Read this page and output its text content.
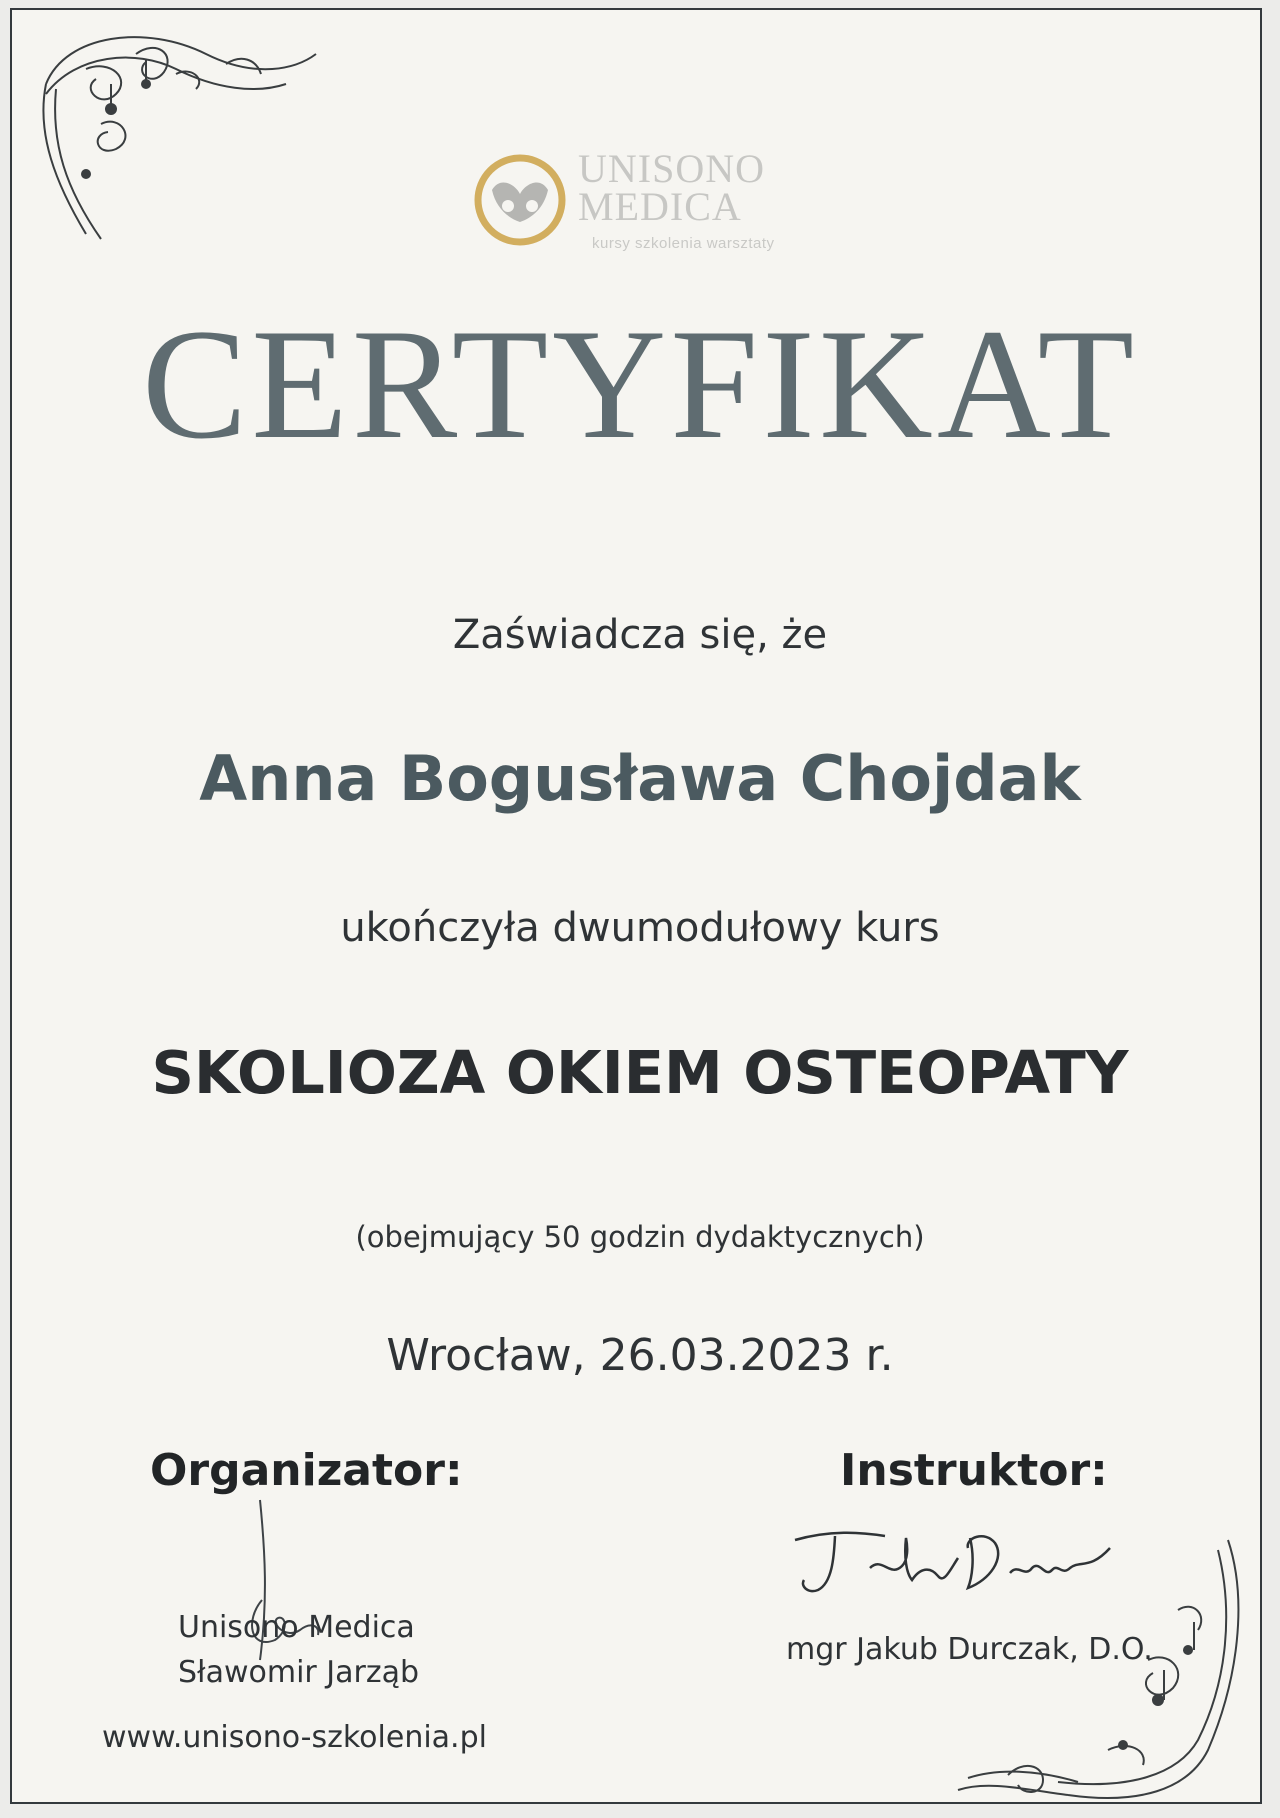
UNISONO
MEDICA
kursy szkolenia warsztaty
CERTYFIKAT
Zaświadcza się, że
Anna Bogusława Chojdak
ukończyła dwumodułowy kurs
SKOLIOZA OKIEM OSTEOPATY
(obejmujący 50 godzin dydaktycznych)
Wrocław, 26.03.2023 r.
Organizator:	Instruktor:
Unisono Medica
Sławomir Jarząb
mgr Jakub Durczak, D.O.
www.unisono-szkolenia.pl
